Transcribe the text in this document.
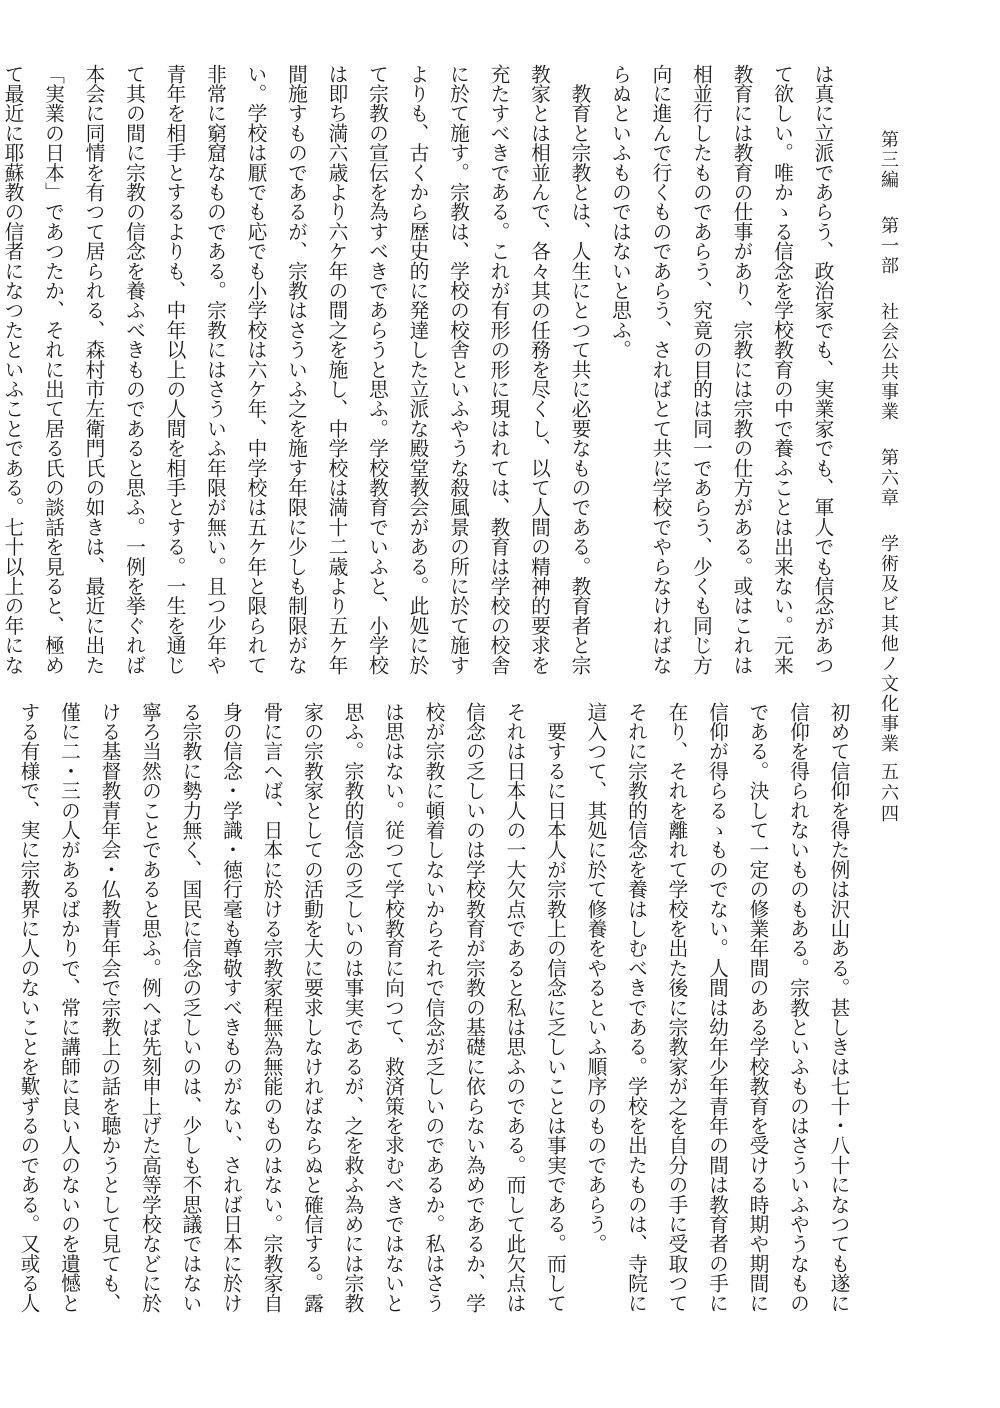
第三編第一部社会公共事業第六章学術及ビ其他ノ文化事業
五六四
は真に立派であらう、政治家でも、実業家でも、軍人でも信念があつ
て欲しい。唯かゝる信念を学校教育の中で養ふことは出来ない。元来
教育には教育の仕事があり、宗教には宗教の仕方がある。或はこれは
相並行したものであらう、究竟の目的は同一であらう、少くも同じ方
向に進んで行くものであらう、さればとて共に学校でやらなければな
らぬといふものではないと思ふ。
　教育と宗教とは、人生にとつて共に必要なものである。教育者と宗
教家とは相並んで、各々其の任務を尽くし、以て人間の精神的要求を
充たすべきである。これが有形の形に現はれては、教育は学校の校舎
に於て施す。宗教は、学校の校舎といふやうな殺風景の所に於て施す
よりも、古くから歴史的に発達した立派な殿堂教会がある。此処に於
て宗教の宣伝を為すべきであらうと思ふ。学校教育でいふと、小学校
は即ち満六歳より六ケ年の間之を施し、中学校は満十二歳より五ケ年
間施すものであるが、宗教はさういふ之を施す年限に少しも制限がな
い。学校は厭でも応でも小学校は六ケ年、中学校は五ケ年と限られて
非常に窮窟なものである。宗教にはさういふ年限が無い。且つ少年や
青年を相手とするよりも、中年以上の人間を相手とする。一生を通じ
て其の間に宗教の信念を養ふべきものであると思ふ。一例を挙ぐれば
本会に同情を有つて居られる、森村市左衛門氏の如きは、最近に出た
「実業の日本」であつたか、それに出て居る氏の談話を見ると、極め
て最近に耶蘇教の信者になつたといふことである。七十以上の年にな
初めて信仰を得た例は沢山ある。甚しきは七十・八十になつても遂に
信仰を得られないものもある。宗教といふものはさういふやうなもの
である。決して一定の修業年間のある学校教育を受ける時期や期間に
信仰が得らるゝものでない。人間は幼年少年青年の間は教育者の手に
在り、それを離れて学校を出た後に宗教家が之を自分の手に受取つて
それに宗教的信念を養はしむべきである。学校を出たものは、寺院に
這入つて、其処に於て修養をやるといふ順序のものであらう。
　要するに日本人が宗教上の信念に乏しいことは事実である。而して
それは日本人の一大欠点であると私は思ふのである。而して此欠点は
信念の乏しいのは学校教育が宗教の基礎に依らない為めであるか、学
校が宗教に頓着しないからそれで信念が乏しいのであるか。私はさう
は思はない。従つて学校教育に向つて、救済策を求むべきではないと
思ふ。宗教的信念の乏しいのは事実であるが、之を救ふ為めには宗教
家の宗教家としての活動を大に要求しなければならぬと確信する。露
骨に言へば、日本に於ける宗教家程無為無能のものはない。宗教家自
身の信念・学識・徳行毫も尊敬すべきものがない、されば日本に於け
る宗教に勢力無く、国民に信念の乏しいのは、少しも不思議ではない
寧ろ当然のことであると思ふ。例へば先刻申上げた高等学校などに於
ける基督教青年会・仏教青年会で宗教上の話を聴かうとして見ても、
僅に二・三の人があるばかりで、常に講師に良い人のないのを遺憾と
する有様で、実に宗教界に人のないことを歎ずるのである。又或る人
